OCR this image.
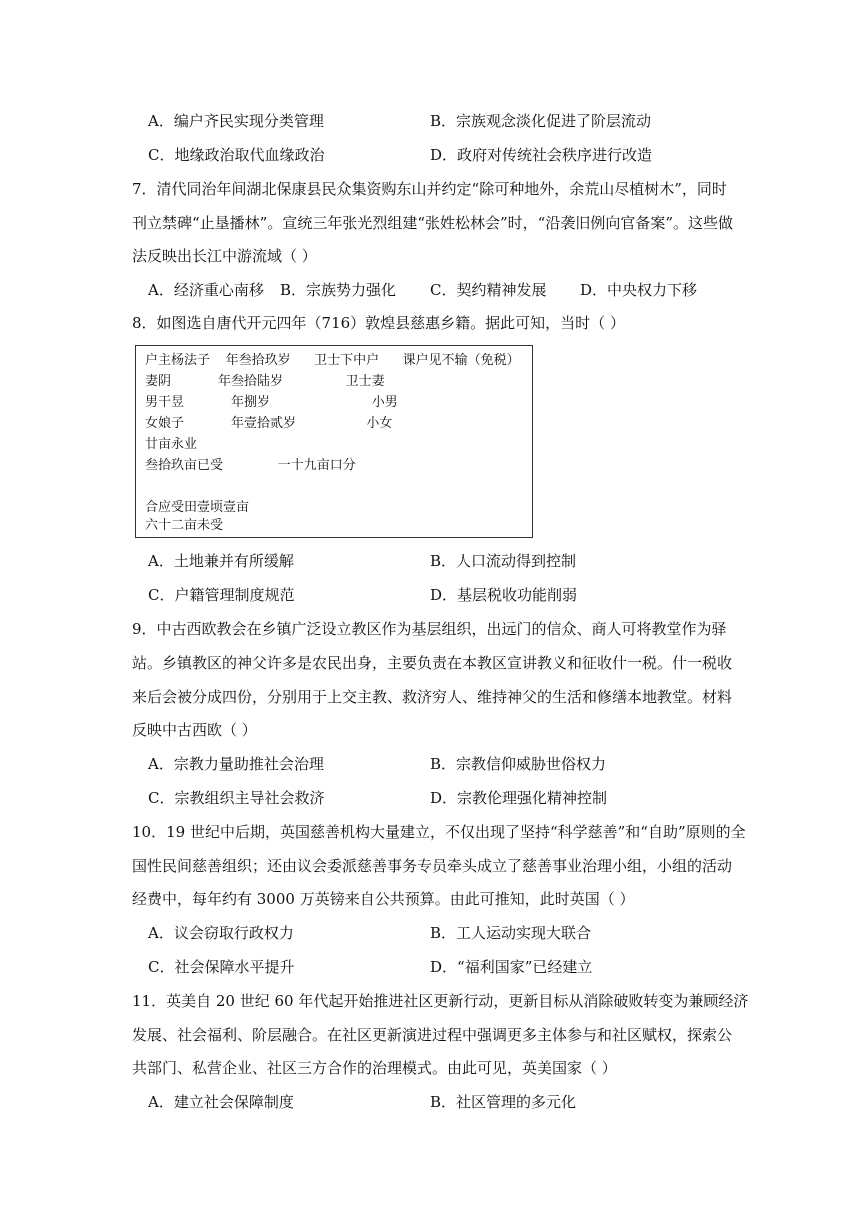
A．编户齐民实现分类管理	B．宗族观念淡化促进了阶层流动
C．地缘政治取代血缘政治	D．政府对传统社会秩序进行改造
7．清代同治年间湖北保康县民众集资购东山并约定“除可种地外，余荒山尽植树木”，同时
刊立禁碑“止垦播林”。宣统三年张光烈组建“张姓松林会”时，“沿袭旧例向官备案”。这些做
法反映出长江中游流域（ ）
A．经济重心南移 B．宗族势力强化 C．契约精神发展 D．中央权力下移
8．如图选自唐代开元四年（716）敦煌县慈惠乡籍。据此可知，当时（ ）
户主杨法子  年叁拾玖岁   卫士下中户   课户见不输（免税）
妻阴      年叁拾陆岁        卫士妻
男干昱      年捌岁             小男
女娘子      年壹拾贰岁         小女
廿亩永业
叁拾玖亩已受       一十九亩口分
合应受田壹顷壹亩
六十二亩未受
A．土地兼并有所缓解	B．人口流动得到控制
C．户籍管理制度规范	D．基层税收功能削弱
9．中古西欧教会在乡镇广泛设立教区作为基层组织，出远门的信众、商人可将教堂作为驿
站。乡镇教区的神父许多是农民出身，主要负责在本教区宣讲教义和征收什一税。什一税收
来后会被分成四份，分别用于上交主教、救济穷人、维持神父的生活和修缮本地教堂。材料
反映中古西欧（ ）
A．宗教力量助推社会治理	B．宗教信仰威胁世俗权力
C．宗教组织主导社会救济	D．宗教伦理强化精神控制
10．19 世纪中后期，英国慈善机构大量建立，不仅出现了坚持“科学慈善”和“自助”原则的全
国性民间慈善组织；还由议会委派慈善事务专员牵头成立了慈善事业治理小组，小组的活动
经费中，每年约有 3000 万英镑来自公共预算。由此可推知，此时英国（ ）
A．议会窃取行政权力	B．工人运动实现大联合
C．社会保障水平提升	D．“福利国家”已经建立
11．英美自 20 世纪 60 年代起开始推进社区更新行动，更新目标从消除破败转变为兼顾经济
发展、社会福利、阶层融合。在社区更新演进过程中强调更多主体参与和社区赋权，探索公
共部门、私营企业、社区三方合作的治理模式。由此可见，英美国家（ ）
A．建立社会保障制度	B．社区管理的多元化
